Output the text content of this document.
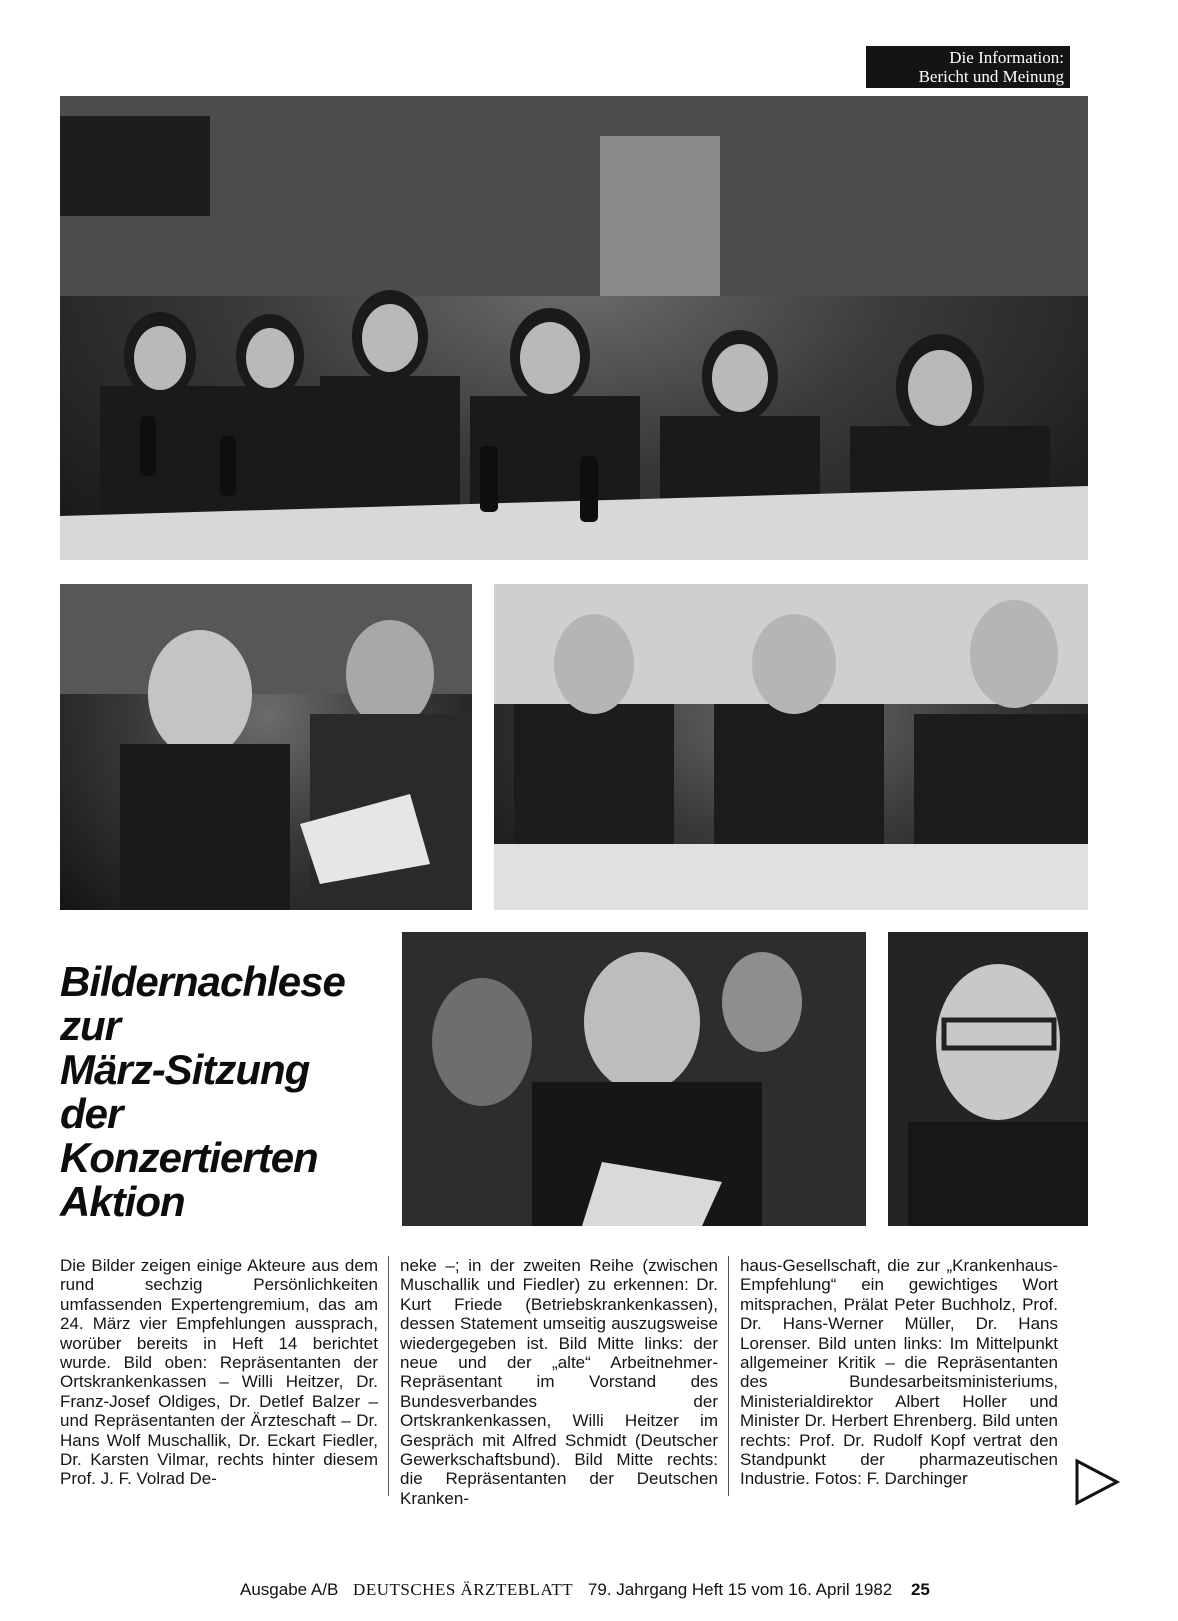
Die Information:
Bericht und Meinung
Bildernachlese
zur
März-Sitzung
der
Konzertierten
Aktion
Die Bilder zeigen einige Akteure aus dem rund sechzig Persönlichkeiten umfassenden Expertengremium, das am 24. März vier Empfehlungen aussprach, worüber bereits in Heft 14 berichtet wurde. Bild oben: Repräsentanten der Ortskrankenkassen – Willi Heitzer, Dr. Franz-Josef Oldiges, Dr. Detlef Balzer – und Repräsentanten der Ärzteschaft – Dr. Hans Wolf Muschallik, Dr. Eckart Fiedler, Dr. Karsten Vilmar, rechts hinter diesem Prof. J. F. Volrad De-
neke –; in der zweiten Reihe (zwischen Muschallik und Fiedler) zu erkennen: Dr. Kurt Friede (Betriebskrankenkassen), dessen Statement umseitig auszugsweise wiedergegeben ist. Bild Mitte links: der neue und der „alte“ Arbeitnehmer-Repräsentant im Vorstand des Bundesverbandes der Ortskrankenkassen, Willi Heitzer im Gespräch mit Alfred Schmidt (Deutscher Gewerkschaftsbund). Bild Mitte rechts: die Repräsentanten der Deutschen Kranken-
haus-Gesellschaft, die zur „Krankenhaus-Empfehlung“ ein gewichtiges Wort mitsprachen, Prälat Peter Buchholz, Prof. Dr. Hans-Werner Müller, Dr. Hans Lorenser. Bild unten links: Im Mittelpunkt allgemeiner Kritik – die Repräsentanten des Bundesarbeitsministeriums, Ministerialdirektor Albert Holler und Minister Dr. Herbert Ehrenberg. Bild unten rechts: Prof. Dr. Rudolf Kopf vertrat den Standpunkt der pharmazeutischen Industrie. Fotos: F. Darchinger
Ausgabe A/B DEUTSCHES ÄRZTEBLATT 79. Jahrgang Heft 15 vom 16. April 1982 25
